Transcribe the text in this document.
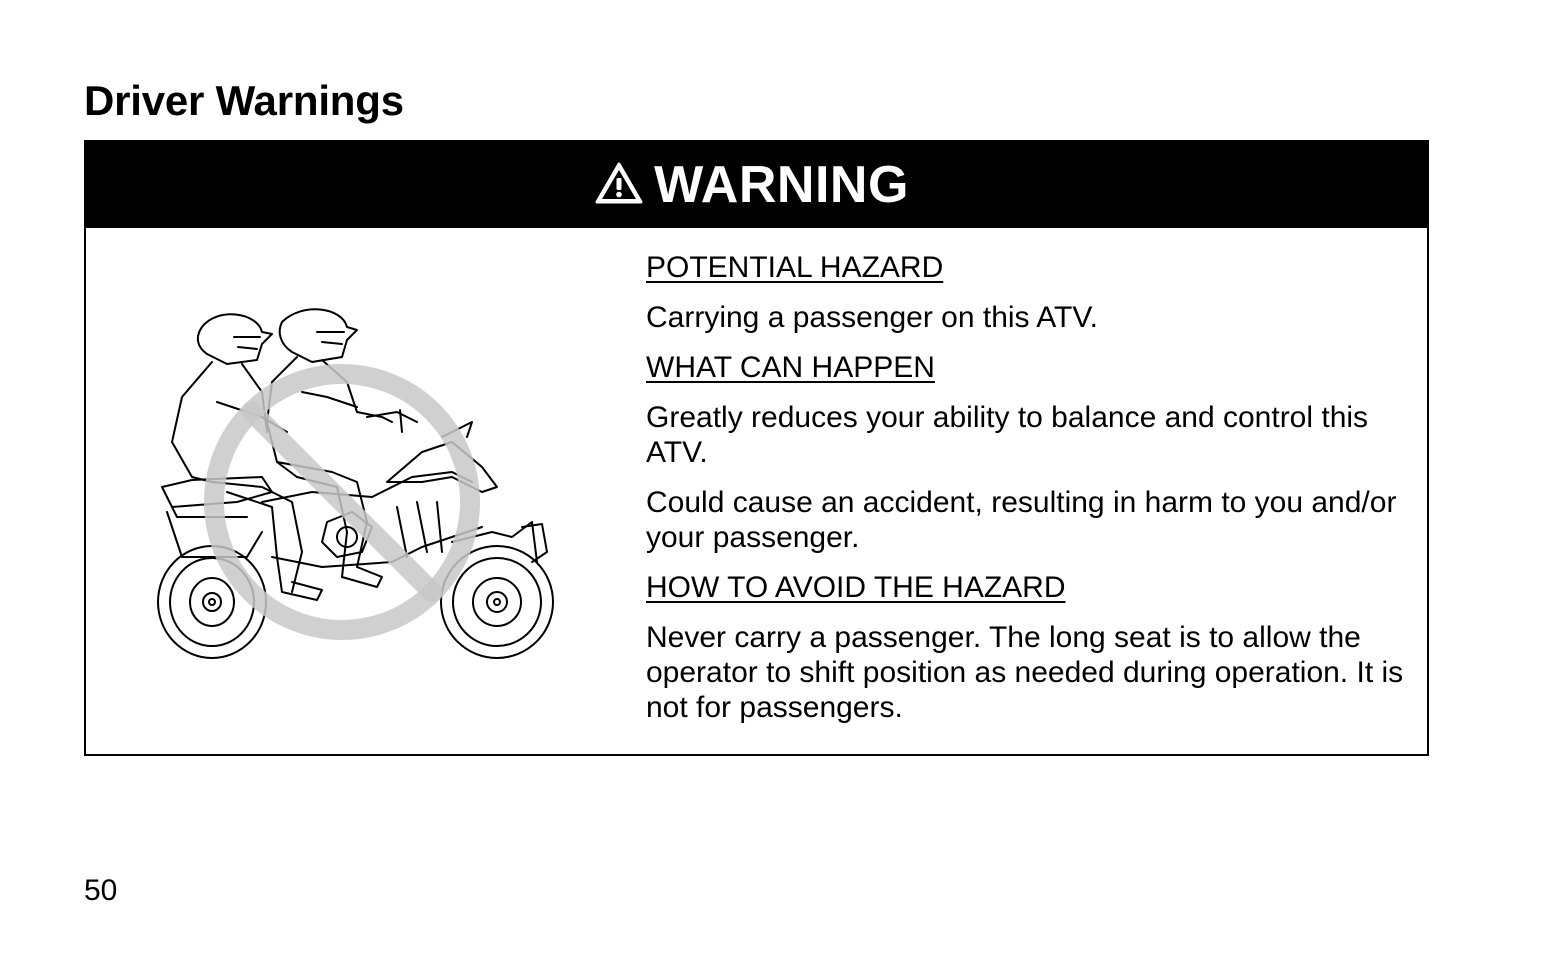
Driver Warnings
WARNING

POTENTIAL HAZARD

Carrying a passenger on this ATV.

WHAT CAN HAPPEN

Greatly reduces your ability to balance and control this ATV.

Could cause an accident, resulting in harm to you and/or your passenger.

HOW TO AVOID THE HAZARD

Never carry a passenger. The long seat is to allow the operator to shift position as needed during operation. It is not for passengers.

50
